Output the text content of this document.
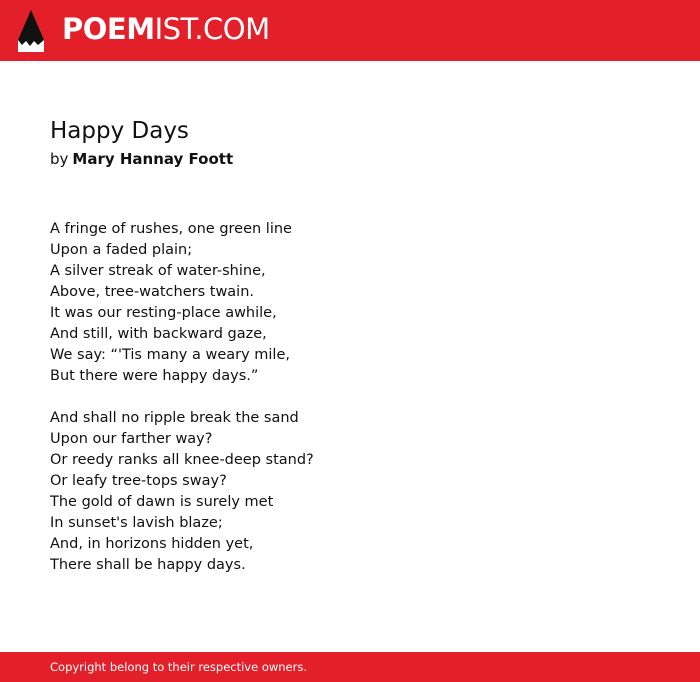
POEMIST.COM
Happy Days
by Mary Hannay Foott
A fringe of rushes, one green line
Upon a faded plain;
A silver streak of water-shine,
Above, tree-watchers twain.
It was our resting-place awhile,
And still, with backward gaze,
We say: “'Tis many a weary mile,
But there were happy days.”
And shall no ripple break the sand
Upon our farther way?
Or reedy ranks all knee-deep stand?
Or leafy tree-tops sway?
The gold of dawn is surely met
In sunset's lavish blaze;
And, in horizons hidden yet,
There shall be happy days.
Copyright belong to their respective owners.
